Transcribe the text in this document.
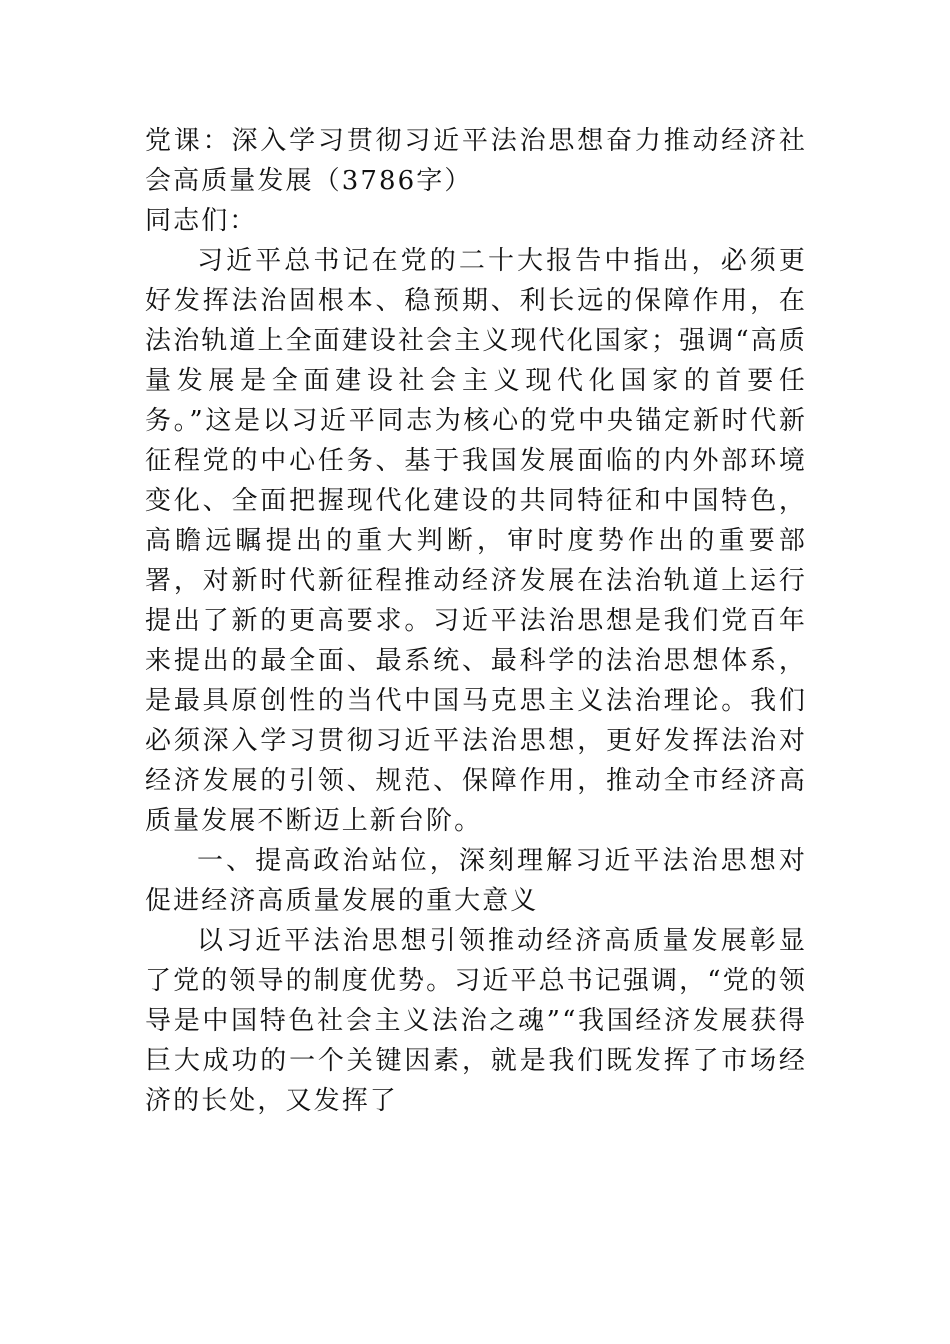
党课：深入学习贯彻习近平法治思想奋力推动经济社会高质量发展（3786字）

同志们：

习近平总书记在党的二十大报告中指出，必须更好发挥法治固根本、稳预期、利长远的保障作用，在法治轨道上全面建设社会主义现代化国家；强调“高质量发展是全面建设社会主义现代化国家的首要任务。”这是以习近平同志为核心的党中央锚定新时代新征程党的中心任务、基于我国发展面临的内外部环境变化、全面把握现代化建设的共同特征和中国特色，高瞻远瞩提出的重大判断，审时度势作出的重要部署，对新时代新征程推动经济发展在法治轨道上运行提出了新的更高要求。习近平法治思想是我们党百年来提出的最全面、最系统、最科学的法治思想体系，是最具原创性的当代中国马克思主义法治理论。我们必须深入学习贯彻习近平法治思想，更好发挥法治对经济发展的引领、规范、保障作用，推动全市经济高质量发展不断迈上新台阶。

一、提高政治站位，深刻理解习近平法治思想对促进经济高质量发展的重大意义

以习近平法治思想引领推动经济高质量发展彰显了党的领导的制度优势。习近平总书记强调，“党的领导是中国特色社会主义法治之魂”“我国经济发展获得巨大成功的一个关键因素，就是我们既发挥了市场经济的长处，又发挥了
